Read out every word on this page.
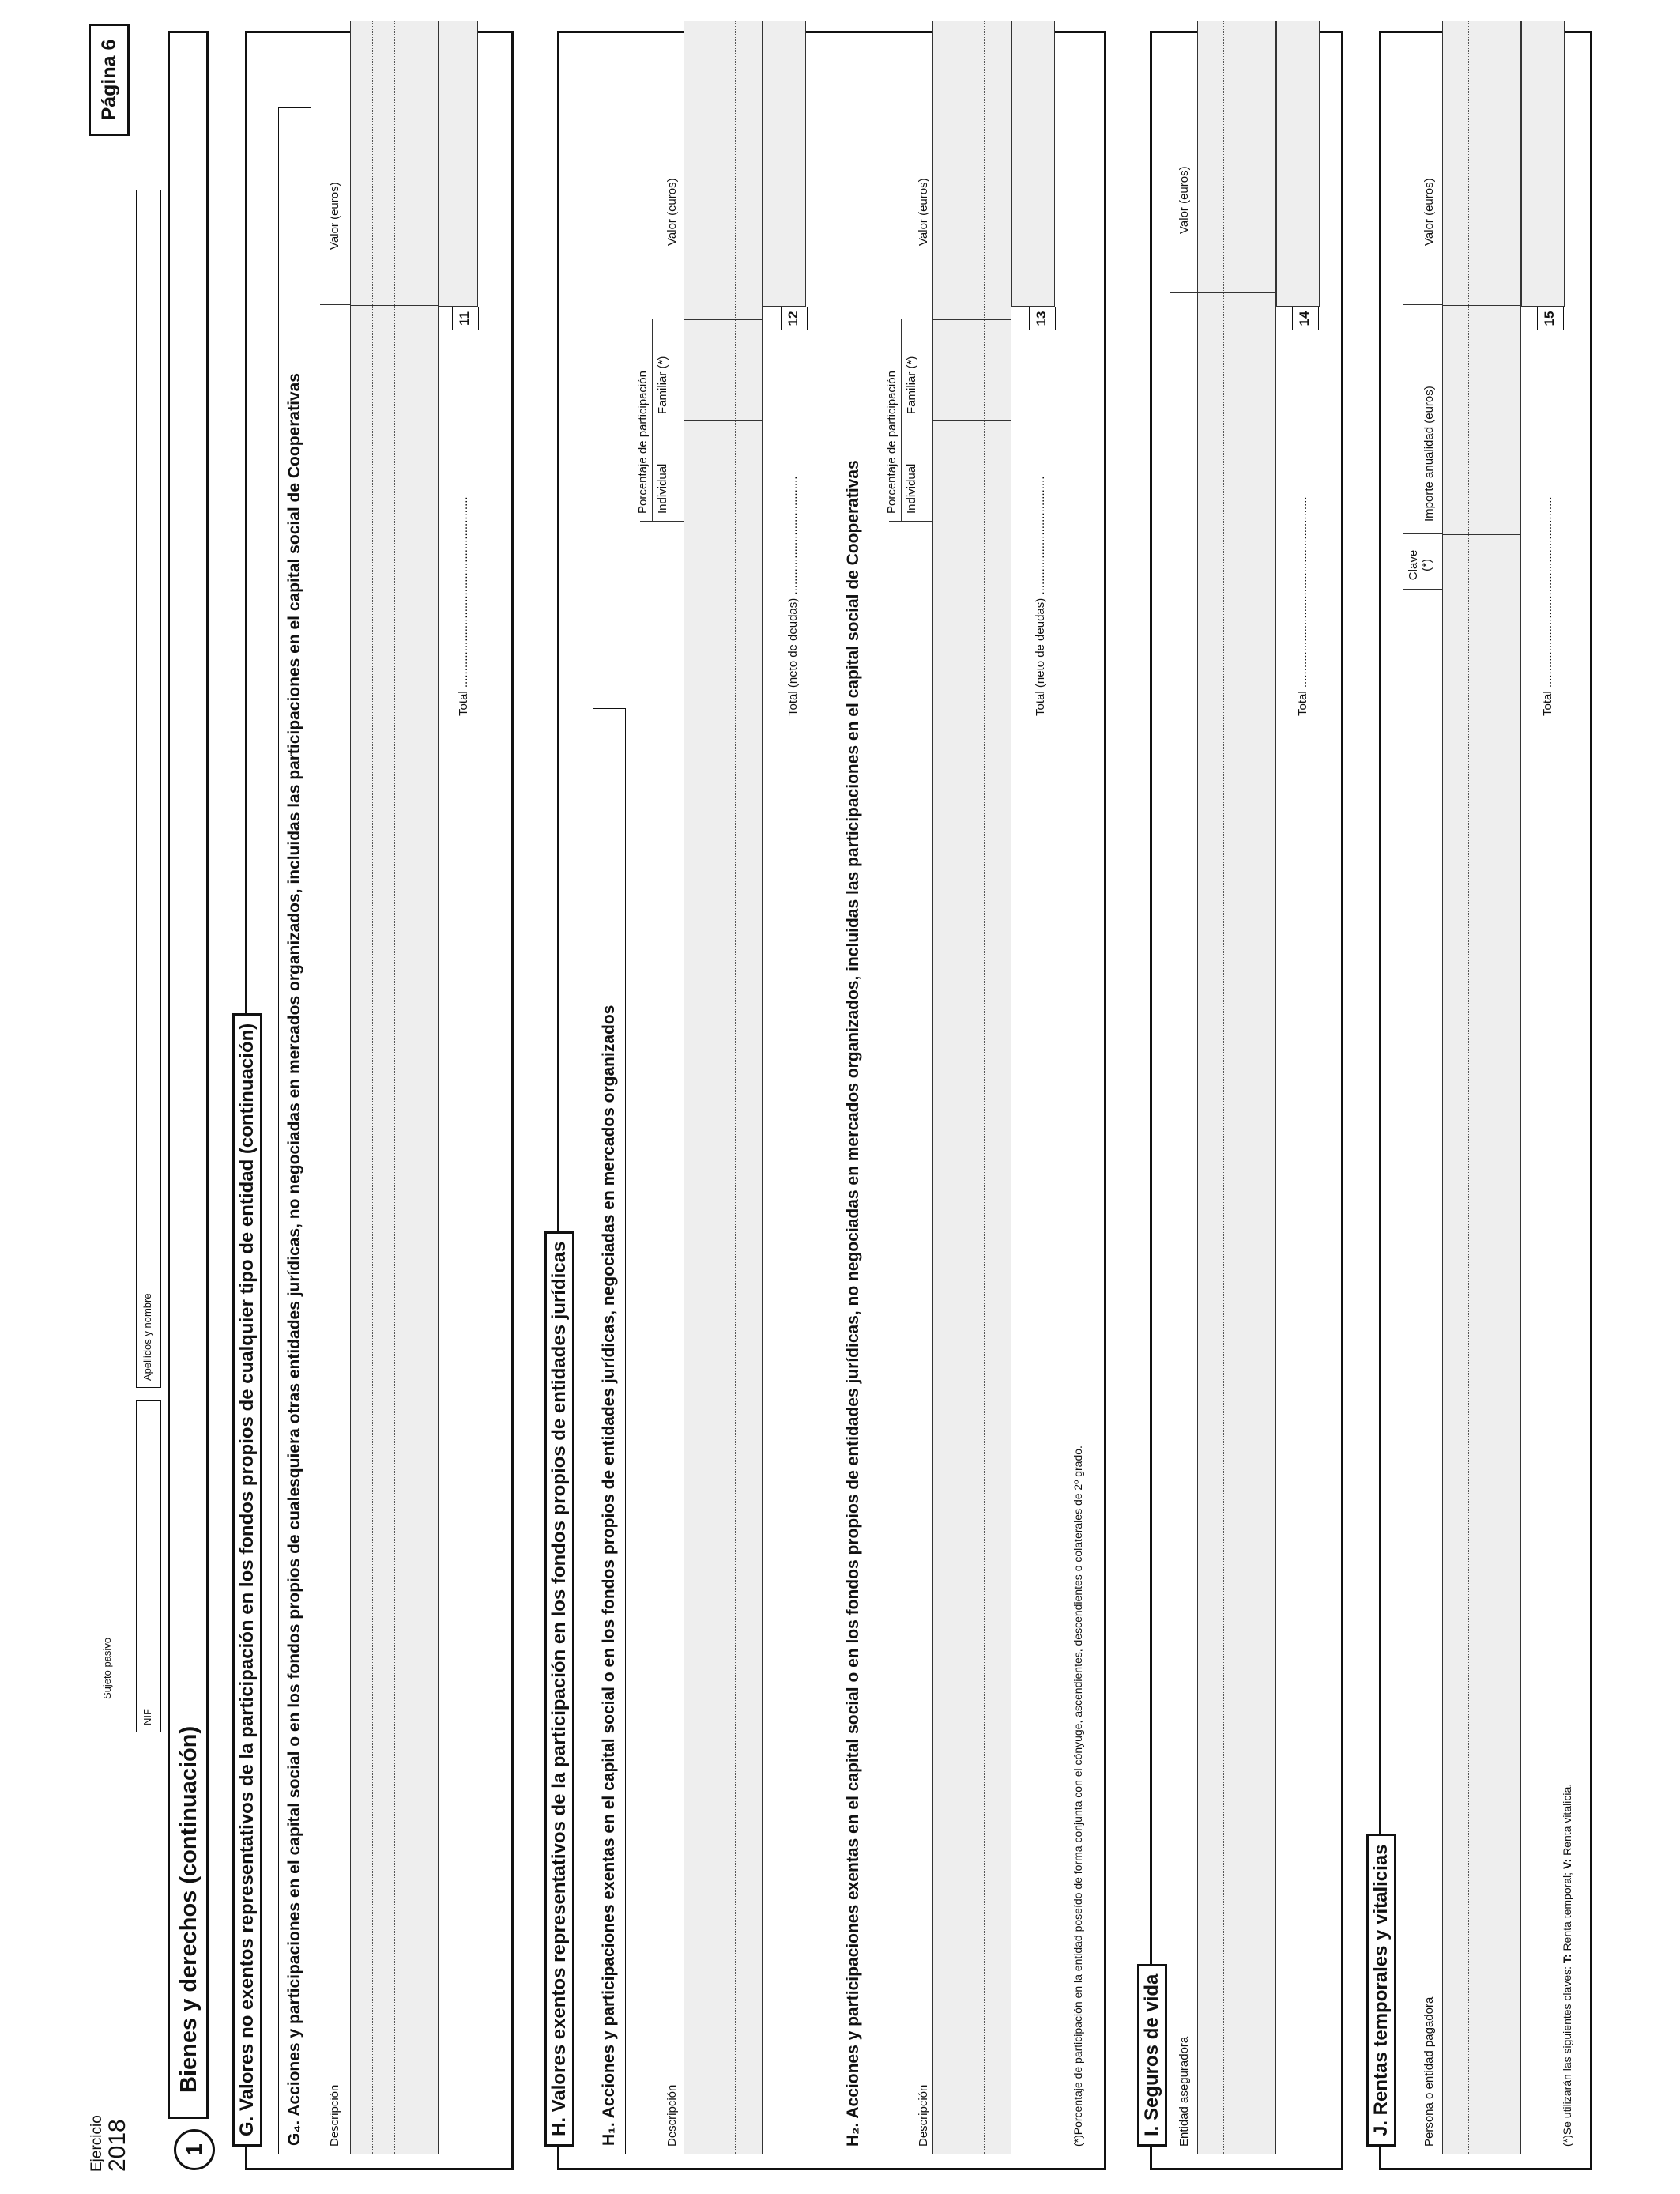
Ejercicio 2018
Sujeto pasivo
NIF
Apellidos y nombre
Página 6
1
Bienes y derechos (continuación) G. Valores no exentos representativos de la participación en los fondos propios de cualquier tipo de entidad (continuación) G₄. Acciones y participaciones en el capital social o en los fondos propios de cualesquiera otras entidades jurídicas, no negociadas en mercados organizados, incluidas las participaciones en el capital social de Cooperativas Descripción
Valor (euros)
Total ..........................................................
11
H. Valores exentos representativos de la participación en los fondos propios de entidades jurídicas H₁. Acciones y participaciones exentas en el capital social o en los fondos propios de entidades jurídicas, negociadas en mercados organizados
Porcentaje de participación
Descripción
Individual
Familiar (*)
Valor (euros)
Total (neto de deudas) ....................................
12
H₂. Acciones y participaciones exentas en el capital social o en los fondos propios de entidades jurídicas, no negociadas en mercados organizados, incluidas las participaciones en el capital social de Cooperativas
Porcentaje de participación
Descripción
Individual
Familiar (*)
Valor (euros)
Total (neto de deudas) ....................................
13
(*)Porcentaje de participación en la entidad poseído de forma conjunta con el cónyuge, ascendientes, descendientes o colaterales de 2º grado.	I. Seguros de vida	Entidad aseguradora
Valor (euros)
Total ..........................................................
14
J. Rentas temporales y vitalicias	Persona o entidad pagadora
Clave (*)
Importe anualidad (euros)
Valor (euros)
Total ..........................................................
15
(*)Se utilizarán las siguientes claves: T: Renta temporal; V: Renta vitalicia.
